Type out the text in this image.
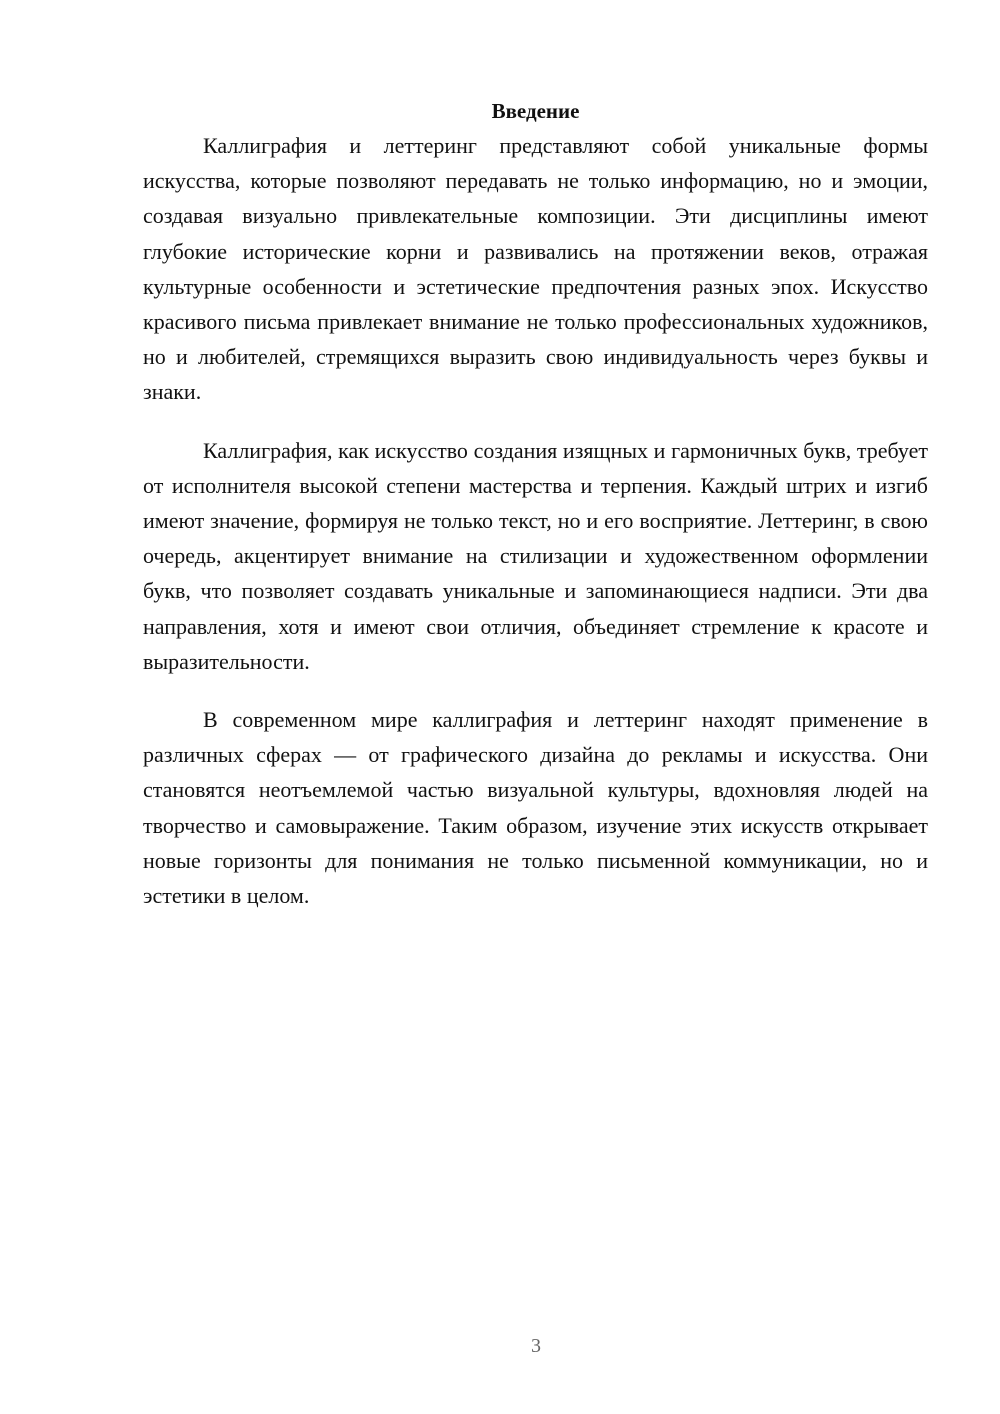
Введение

Каллиграфия и леттеринг представляют собой уникальные формы искусства, которые позволяют передавать не только информацию, но и эмоции, создавая визуально привлекательные композиции. Эти дисциплины имеют глубокие исторические корни и развивались на протяжении веков, отражая культурные особенности и эстетические предпочтения разных эпох. Искусство красивого письма привлекает внимание не только профессиональных художников, но и любителей, стремящихся выразить свою индивидуальность через буквы и знаки.

Каллиграфия, как искусство создания изящных и гармоничных букв, требует от исполнителя высокой степени мастерства и терпения. Каждый штрих и изгиб имеют значение, формируя не только текст, но и его восприятие. Леттеринг, в свою очередь, акцентирует внимание на стилизации и художественном оформлении букв, что позволяет создавать уникальные и запоминающиеся надписи. Эти два направления, хотя и имеют свои отличия, объединяет стремление к красоте и выразительности.

В современном мире каллиграфия и леттеринг находят применение в различных сферах — от графического дизайна до рекламы и искусства. Они становятся неотъемлемой частью визуальной культуры, вдохновляя людей на творчество и самовыражение. Таким образом, изучение этих искусств открывает новые горизонты для понимания не только письменной коммуникации, но и эстетики в целом.

3
